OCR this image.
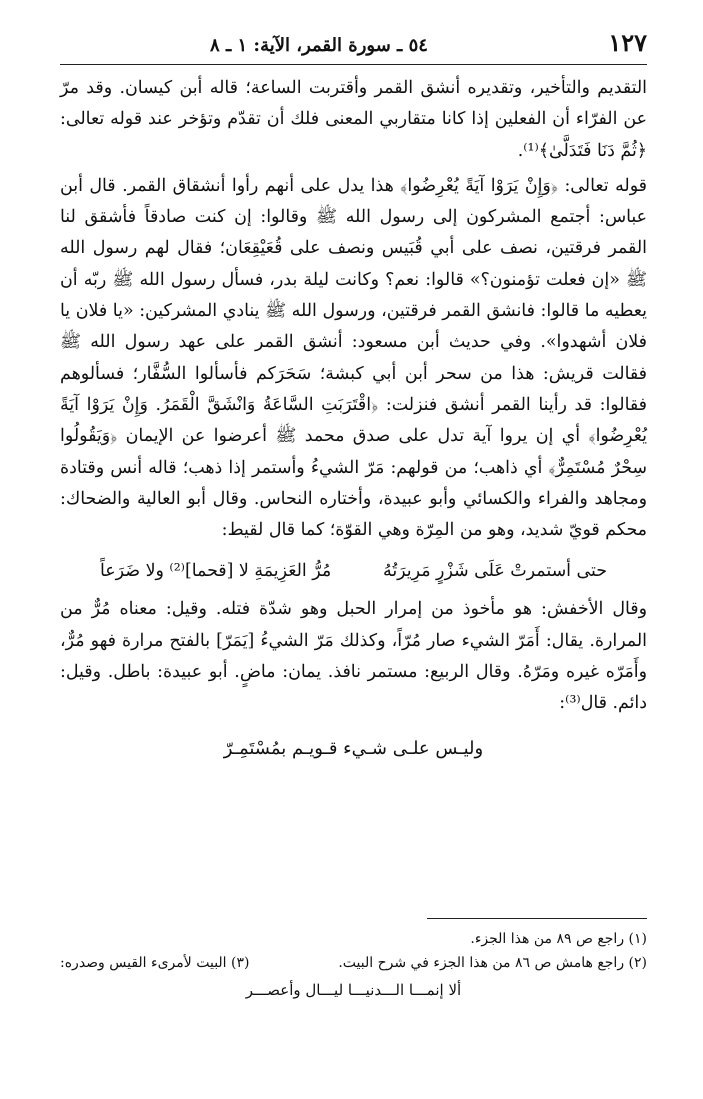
١٢٧
٥٤ ـ سورة القمر، الآية: ١ ـ ٨

التقديم والتأخير، وتقديره أنشق القمر وأقتربت الساعة؛ قاله أبن كيسان. وقد مرّ عن الفرّاء أن الفعلين إذا كانا متقاربي المعنى فلك أن تقدّم وتؤخر عند قوله تعالى: ﴿ثُمَّ دَنَا فَتَدَلَّىٰ﴾⁽¹⁾.

قوله تعالى: ﴿وَإِنْ يَرَوْا آيَةً يُعْرِضُوا﴾ هذا يدل على أنهم رأوا أنشقاق القمر. قال أبن عباس: أجتمع المشركون إلى رسول الله ﷺ وقالوا: إن كنت صادقاً فأشقق لنا القمر فرقتين، نصف على أبي قُبَيس ونصف على قُعَيْقِعَان؛ فقال لهم رسول الله ﷺ «إن فعلت تؤمنون؟» قالوا: نعم؟ وكانت ليلة بدر، فسأل رسول الله ﷺ ربّه أن يعطيه ما قالوا: فانشق القمر فرقتين، ورسول الله ﷺ ينادي المشركين: «يا فلان يا فلان أشهدوا». وفي حديث أبن مسعود: أنشق القمر على عهد رسول الله ﷺ فقالت قريش: هذا من سحر أبن أبي كبشة؛ سَحَرَكم فأسألوا السُّفَّار؛ فسألوهم فقالوا: قد رأينا القمر أنشق فنزلت: ﴿اقْتَرَبَتِ السَّاعَةُ وَانْشَقَّ الْقَمَرُ. وَإِنْ يَرَوْا آيَةً يُعْرِضُوا﴾ أي إن يروا آية تدل على صدق محمد ﷺ أعرضوا عن الإيمان ﴿وَيَقُولُوا سِحْرٌ مُسْتَمِرٌّ﴾ أي ذاهب؛ من قولهم: مَرّ الشيءُ وأستمر إذا ذهب؛ قاله أنس وقتادة ومجاهد والفراء والكسائي وأبو عبيدة، وأختاره النحاس. وقال أبو العالية والضحاك: محكم قويّ شديد، وهو من المِرّة وهي القوّة؛ كما قال لقيط:

حتى أستمرتْ عَلَى شَزْرٍ مَرِيرَتُهُ
مُرُّ العَزِيمَةِ لا [قحما]⁽²⁾ ولا ضَرَعاً

وقال الأخفش: هو مأخوذ من إمرار الحبل وهو شدّة فتله. وقيل: معناه مُرٌّ من المرارة. يقال: أَمَرّ الشيء صار مُرّاً، وكذلك مَرّ الشيءُ [يَمَرّ] بالفتح مرارة فهو مُرٌّ، وأَمَرّه غيره ومَرّهُ. وقال الربيع: مستمر نافذ. يمان: ماضٍ. أبو عبيدة: باطل. وقيل: دائم. قال⁽³⁾:

وليـس علـى شـيء قـويـم بمُسْتَمِـرّ

(١) راجع ص ٨٩ من هذا الجزء.

(٢) راجع هامش ص ٨٦ من هذا الجزء في شرح البيت.
(٣) البيت لأمرىء القيس وصدره:
ألا إنمـــا الـــدنيـــا ليـــال وأعصـــر
